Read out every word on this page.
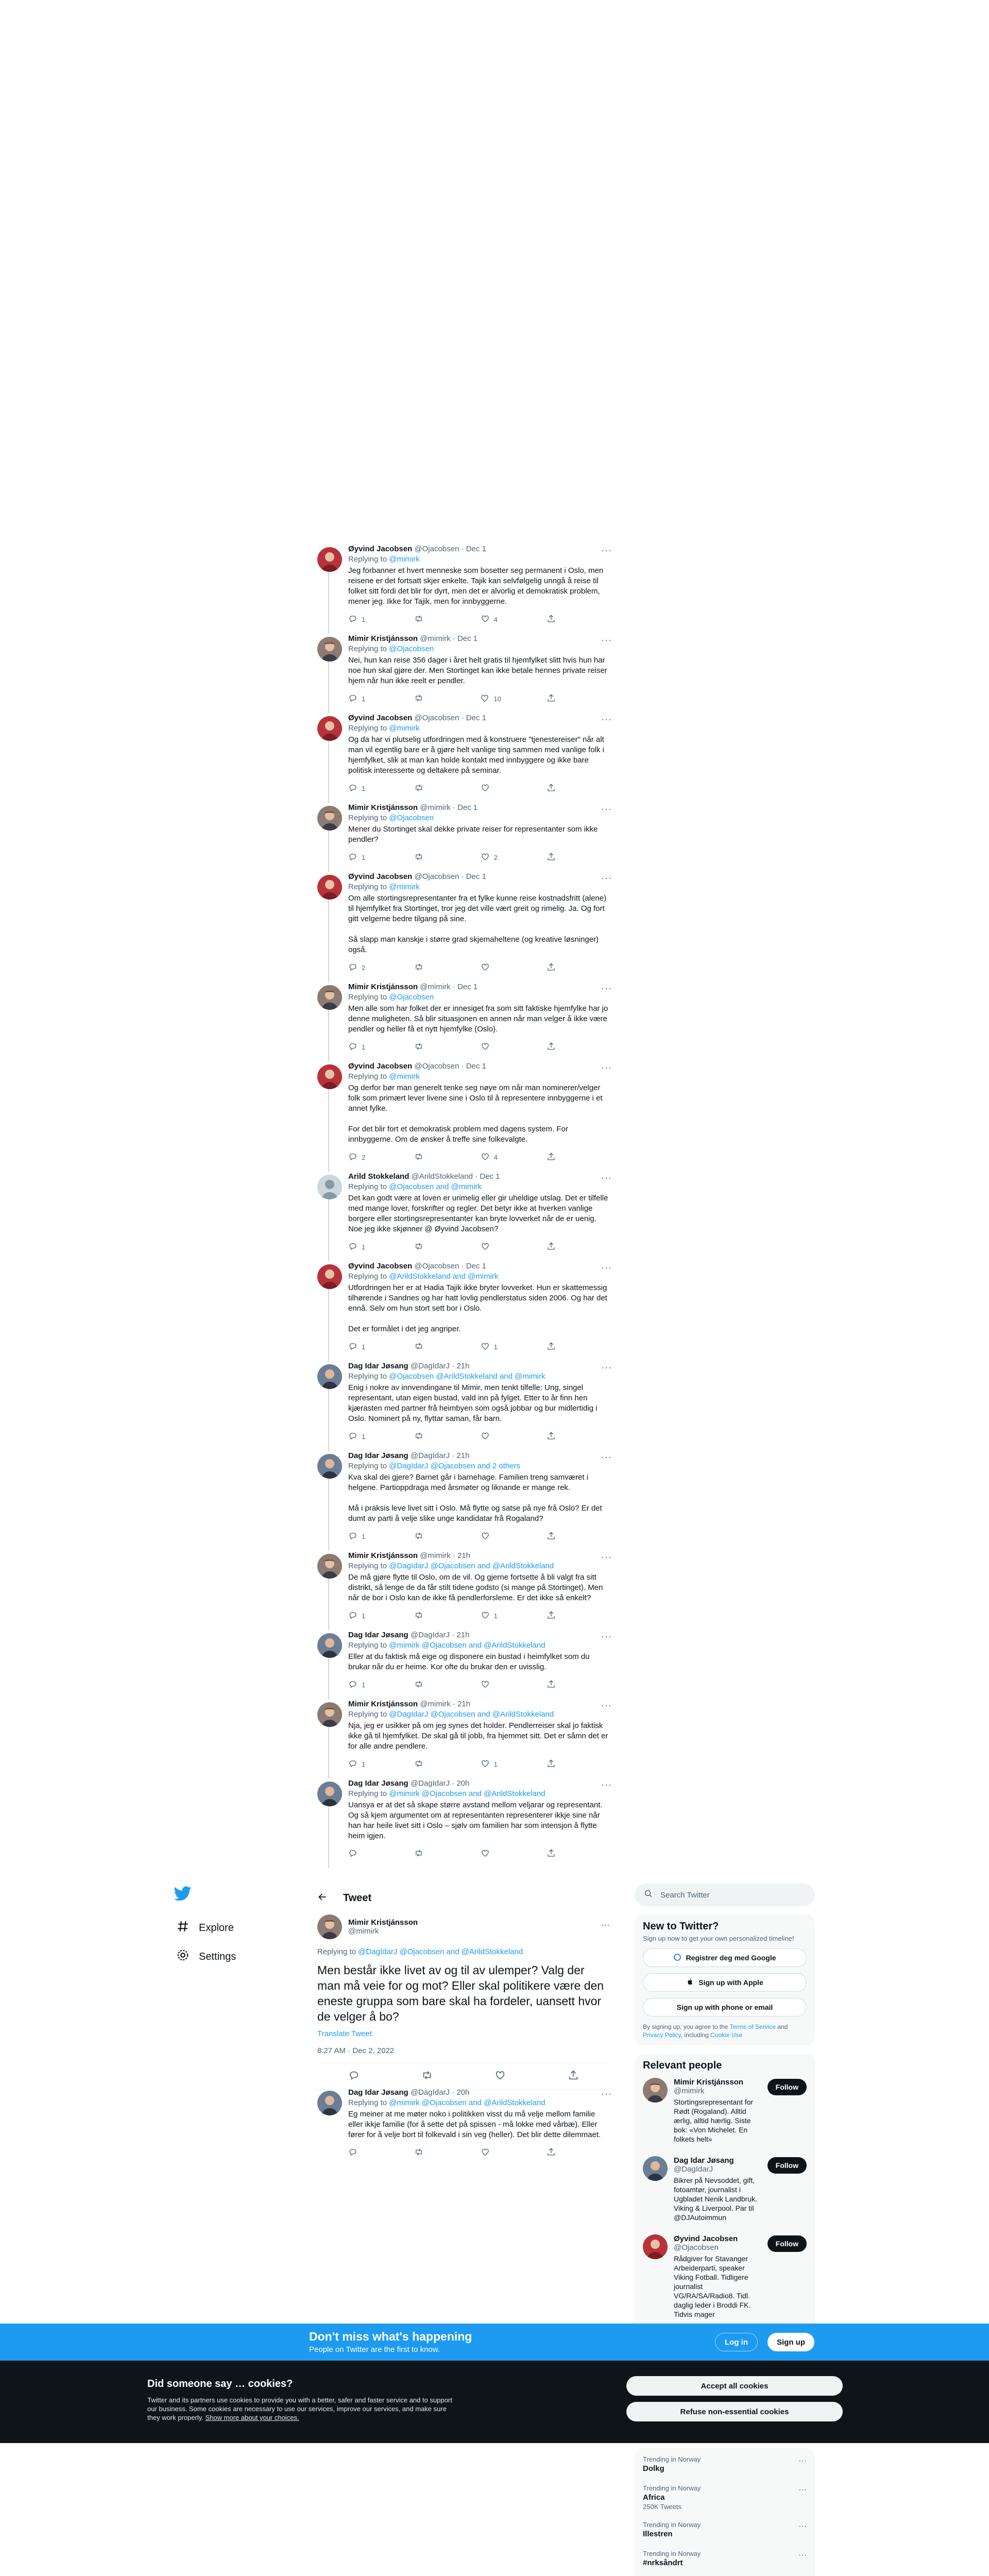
···
Øyvind Jacobsen @Ojacobsen · Dec 1
Replying to @mimirk
Jeg forbanner et hvert menneske som bosetter seg permanent i Oslo, men reisene er det fortsatt skjer enkelte. Tajik kan selvfølgelig unngå å reise til folket sitt fordi det blir for dyrt, men det er alvorlig et demokratisk problem, mener jeg. Ikke for Tajik, men for innbyggerne.
1	4
···
Mimir Kristjánsson @mimirk · Dec 1
Replying to @Ojacobsen
Nei, hun kan reise 356 dager i året helt gratis til hjemfylket slitt hvis hun har noe hun skal gjøre der. Men Stortinget kan ikke betale hennes private reiser hjem når hun ikke reelt er pendler.
1	10
···
Øyvind Jacobsen @Ojacobsen · Dec 1
Replying to @mimirk
Og da har vi plutselig utfordringen med å konstruere "tjenestereiser" når alt man vil egentlig bare er å gjøre helt vanlige ting sammen med vanlige folk i hjemfylket, slik at man kan holde kontakt med innbyggere og ikke bare politisk interesserte og deltakere på seminar.
1
···
Mimir Kristjánsson @mimirk · Dec 1
Replying to @Ojacobsen
Mener du Stortinget skal dekke private reiser for representanter som ikke pendler?
1	2
···
Øyvind Jacobsen @Ojacobsen · Dec 1
Replying to @mimirk
Om alle stortingsrepresentanter fra et fylke kunne reise kostnadsfritt (alene) til hjemfylket fra Stortinget, tror jeg det ville vært greit og rimelig. Ja. Og fort gitt velgerne bedre tilgang på sine.

Så slapp man kanskje i større grad skjemaheltene (og kreative løsninger) også.
2
···
Mimir Kristjánsson @mimirk · Dec 1
Replying to @Ojacobsen
Men alle som har folket der er innesiget fra som sitt faktiske hjemfylke har jo denne muligheten. Så blir situasjonen en annen når man velger å ikke være pendler og heller få et nytt hjemfylke (Oslo).
1
···
Øyvind Jacobsen @Ojacobsen · Dec 1
Replying to @mimirk
Og derfor bør man generelt tenke seg nøye om når man nominerer/velger folk som primært lever livene sine i Oslo til å representere innbyggerne i et annet fylke.

For det blir fort et demokratisk problem med dagens system. For innbyggerne. Om de ønsker å treffe sine folkevalgte.
2	4
···
Arild Stokkeland @ArildStokkeland · Dec 1
Replying to @Ojacobsen and @mimirk
Det kan godt være at loven er urimelig eller gir uheldige utslag. Det er tilfelle med mange lover, forskrifter og regler. Det betyr ikke at hverken vanlige borgere eller stortingsrepresentanter kan bryte lovverket når de er uenig. Noe jeg ikke skjønner @ Øyvind Jacobsen?
1
···
Øyvind Jacobsen @Ojacobsen · Dec 1
Replying to @ArildStokkeland and @mimirk
Utfordringen her er at Hadia Tajik ikke bryter lovverket. Hun er skattemessig tilhørende i Sandnes og har hatt lovlig pendlerstatus siden 2006. Og har det ennå. Selv om hun stort sett bor i Oslo.

Det er formålet i det jeg angriper.
1	1
···
Dag Idar Jøsang @DagIdarJ · 21h
Replying to @Ojacobsen @ArildStokkeland and @mimirk
Enig i nokre av innvendingane til Mimir, men tenkt tilfelle: Ung, singel representant, utan eigen bustad, vald inn på fylget. Etter to år finn hen kjærasten med partner frå heimbyen som også jobbar og bur midlertidig i Oslo. Nominert på ny, flyttar saman, får barn.
1
···
Dag Idar Jøsang @DagIdarJ · 21h
Replying to @DagIdarJ @Ojacobsen and 2 others
Kva skal dei gjere? Barnet går i barnehage. Familien treng samværet i helgene. Partioppdraga med årsmøter og liknande er mange rek.

Må i praksis leve livet sitt i Oslo. Må flytte og satse på nye frå Oslo? Er det dumt av parti å velje slike unge kandidatar frå Rogaland?
1
···
Mimir Kristjánsson @mimirk · 21h
Replying to @DagIdarJ @Ojacobsen and @ArildStokkeland
De må gjøre flytte til Oslo, om de vil. Og gjerne fortsette å bli valgt fra sitt distrikt, så lenge de da får stilt tidene godsto (si mange på Stortinget). Men når de bor i Oslo kan de ikke få pendlerforsleme. Er det ikke så enkelt?
1	1
···
Dag Idar Jøsang @DagIdarJ · 21h
Replying to @mimirk @Ojacobsen and @ArildStokkeland
Eller at du faktisk må eige og disponere ein bustad i heimfylket som du brukar når du er heime. Kor ofte du brukar den er uvisslig.
1
···
Mimir Kristjánsson @mimirk · 21h
Replying to @DagIdarJ @Ojacobsen and @ArildStokkeland
Nja, jeg er usikker på om jeg synes det holder. Pendlerreiser skal jo faktisk ikke gå til hjemfylket. De skal gå til jobb, fra hjemmet sitt. Det er såmn det er for alle andre pendlere.
1	1
···
Dag Idar Jøsang @DagIdarJ · 20h
Replying to @mimirk @Ojacobsen and @ArildStokkeland
Uansya er at det så skape større avstand mellom veljarar og representant. Og så kjem argumentet om at representanten representerer ikkje sine når han har heile livet sitt i Oslo – sjølv om familien har som intensjon å flytte heim igjen.
Explore
Settings
Tweet
Mimir Kristjánsson
@mimirk
···
Replying to @DagIdarJ @Ojacobsen and @ArildStokkeland
Men består ikke livet av og til av ulemper? Valg der man må veie for og mot? Eller skal politikere være den eneste gruppa som bare skal ha fordeler, uansett hvor de velger å bo?
Translate Tweet
8:27 AM · Dec 2, 2022
···
Dag Idar Jøsang @DagIdarJ · 20h
Replying to @mimirk @Ojacobsen and @ArildStokkeland
Eg meiner at me møter noko i politikken visst du må velje mellom familie eller ikkje familie (for å sette det på spissen - må lokke med vårbæ). Eller fører for å velje bort til folkevald i sin veg (heller). Det blir dette dilemmaet.
Search Twitter
New to Twitter?
Sign up now to get your own personalized timeline!
Registrer deg med Google
Sign up with Apple
Sign up with phone or email
By signing up, you agree to the Terms of Service and Privacy Policy, including Cookie Use
Relevant people
Mimir Kristjánsson
@mimirk
Stortingsrepresentant for Rødt (Rogaland). Alltid ærlig, alltid hærlig. Siste bok: «Von Michelet. En folkets helt»
Follow
Dag Idar Jøsang
@DagIdarJ
Bikrer på Nevsoddet, gift, fotoamtør, journalist i Ugbladet Nenik Landbruk. Viking & Liverpool. Par til @DJAutoimmun
Follow
Øyvind Jacobsen
@Ojacobsen
Rådgiver for Stavanger Arbeiderparti, speaker Viking Fotball. Tidligere journalist VG/RA/SA/Radio8. Tidl. daglig leder i Broddi FK. Tidvis mager
Follow
Trending in Norway
Dolkg
···
Trending in Norway
Africa
250K Tweets
···
Trending in Norway
Illestren
···
Trending in Norway
#nrksåndrt
···
Don't miss what's happening
People on Twitter are the first to know.
Log in	Sign up
Did someone say … cookies?
Twitter and its partners use cookies to provide you with a better, safer and faster service and to support our business. Some cookies are necessary to use our services, improve our services, and make sure they work properly. Show more about your choices.
Accept all cookies
Refuse non-essential cookies
